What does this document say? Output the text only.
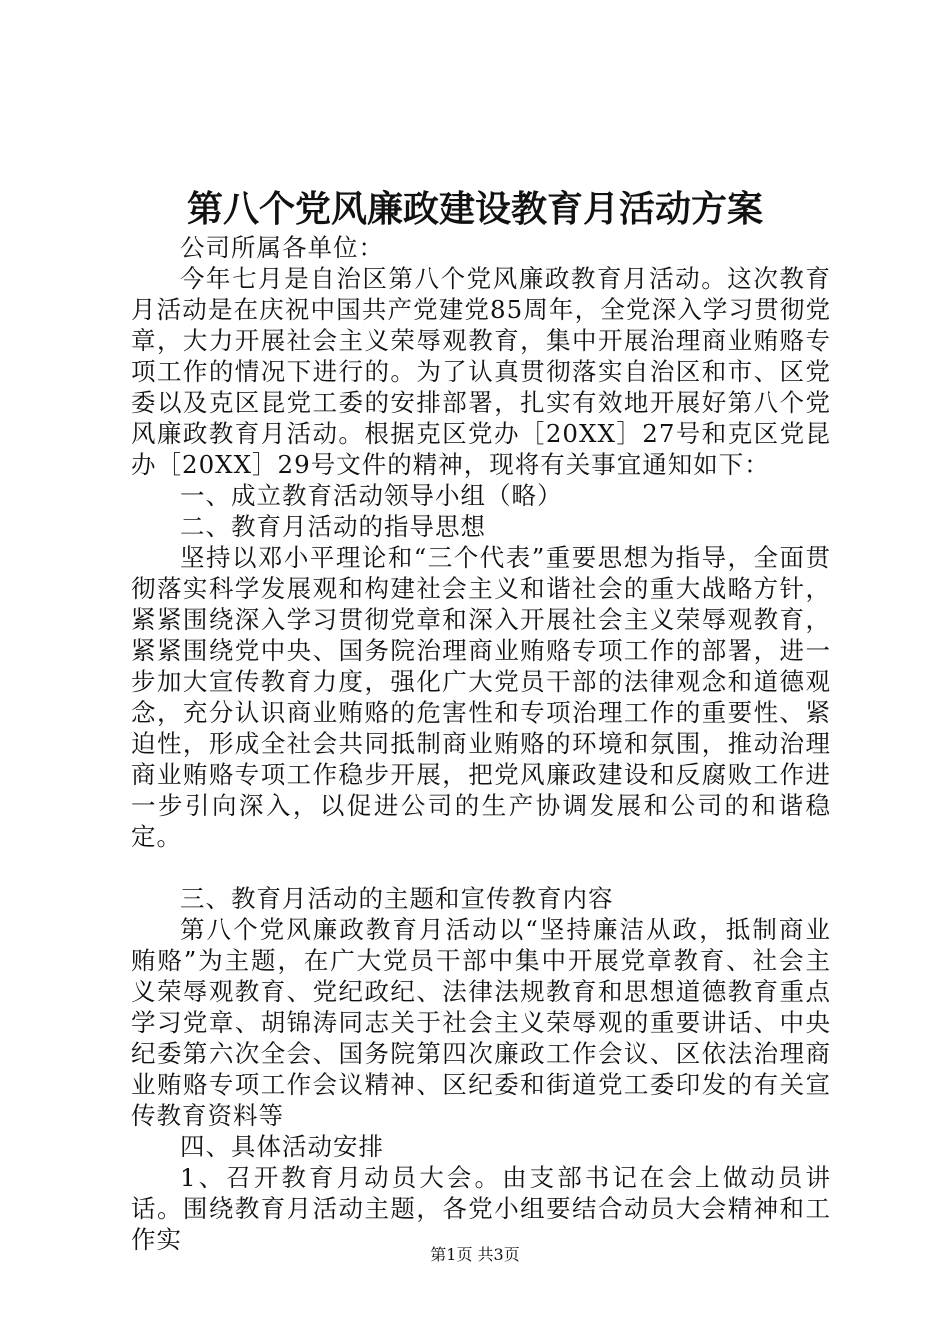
第八个党风廉政建设教育月活动方案

公司所属各单位：

今年七月是自治区第八个党风廉政教育月活动。这次教育月活动是在庆祝中国共产党建党85周年，全党深入学习贯彻党章，大力开展社会主义荣辱观教育，集中开展治理商业贿赂专项工作的情况下进行的。为了认真贯彻落实自治区和市、区党委以及克区昆党工委的安排部署，扎实有效地开展好第八个党风廉政教育月活动。根据克区党办［20XX］27号和克区党昆办［20XX］29号文件的精神，现将有关事宜通知如下：

一、成立教育活动领导小组（略）

二、教育月活动的指导思想

坚持以邓小平理论和“三个代表”重要思想为指导，全面贯彻落实科学发展观和构建社会主义和谐社会的重大战略方针，紧紧围绕深入学习贯彻党章和深入开展社会主义荣辱观教育，紧紧围绕党中央、国务院治理商业贿赂专项工作的部署，进一步加大宣传教育力度，强化广大党员干部的法律观念和道德观念，充分认识商业贿赂的危害性和专项治理工作的重要性、紧迫性，形成全社会共同抵制商业贿赂的环境和氛围，推动治理商业贿赂专项工作稳步开展，把党风廉政建设和反腐败工作进一步引向深入，以促进公司的生产协调发展和公司的和谐稳定。

三、教育月活动的主题和宣传教育内容

第八个党风廉政教育月活动以“坚持廉洁从政，抵制商业贿赂”为主题，在广大党员干部中集中开展党章教育、社会主义荣辱观教育、党纪政纪、法律法规教育和思想道德教育重点学习党章、胡锦涛同志关于社会主义荣辱观的重要讲话、中央纪委第六次全会、国务院第四次廉政工作会议、区依法治理商业贿赂专项工作会议精神、区纪委和街道党工委印发的有关宣传教育资料等

四、具体活动安排

1、召开教育月动员大会。由支部书记在会上做动员讲话。围绕教育月活动主题，各党小组要结合动员大会精神和工作实

第1页 共3页
